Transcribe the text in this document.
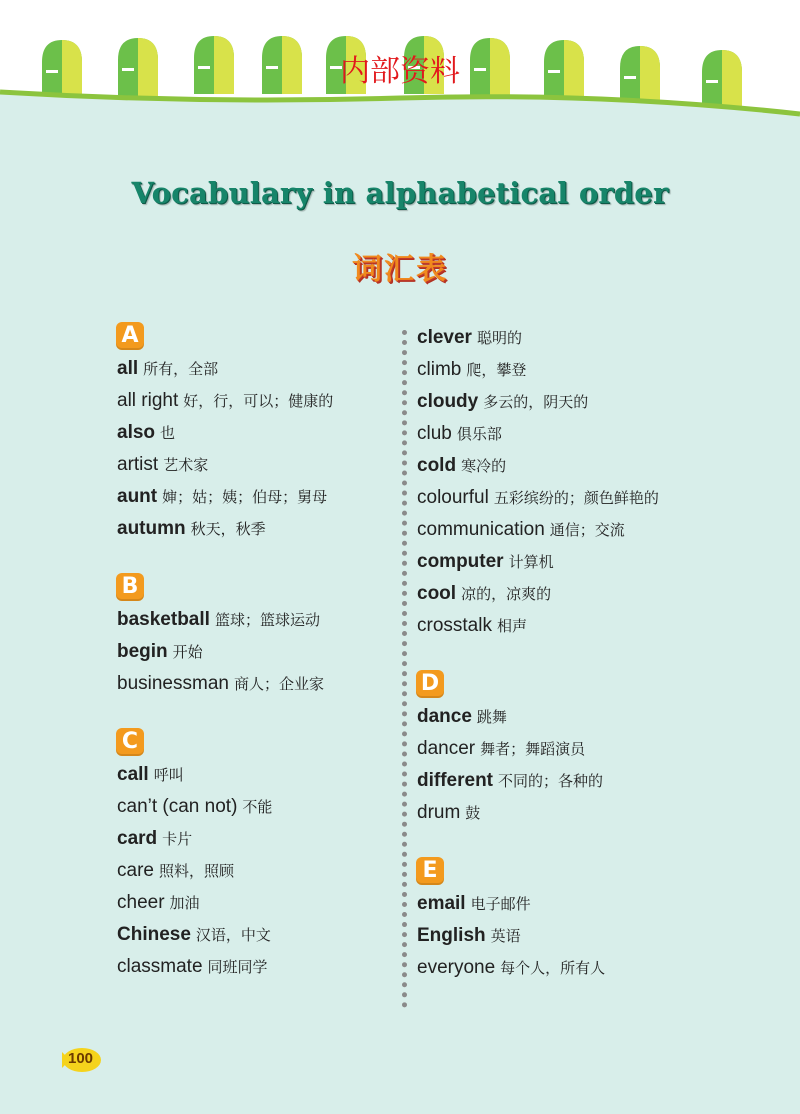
内部资料
Vocabulary in alphabetical order
词汇表
A
all 所有，全部
all right 好，行，可以；健康的
also 也
artist 艺术家
aunt 婶；姑；姨；伯母；舅母
autumn 秋天，秋季
B
basketball 篮球；篮球运动
begin 开始
businessman 商人；企业家
C
call 呼叫
can’t (can not) 不能
card 卡片
care 照料，照顾
cheer 加油
Chinese 汉语，中文
classmate 同班同学
clever 聪明的
climb 爬，攀登
cloudy 多云的，阴天的
club 俱乐部
cold 寒冷的
colourful 五彩缤纷的；颜色鲜艳的
communication 通信；交流
computer 计算机
cool 凉的，凉爽的
crosstalk 相声
D
dance 跳舞
dancer 舞者；舞蹈演员
different 不同的；各种的
drum 鼓
E
email 电子邮件
English 英语
everyone 每个人，所有人
100
